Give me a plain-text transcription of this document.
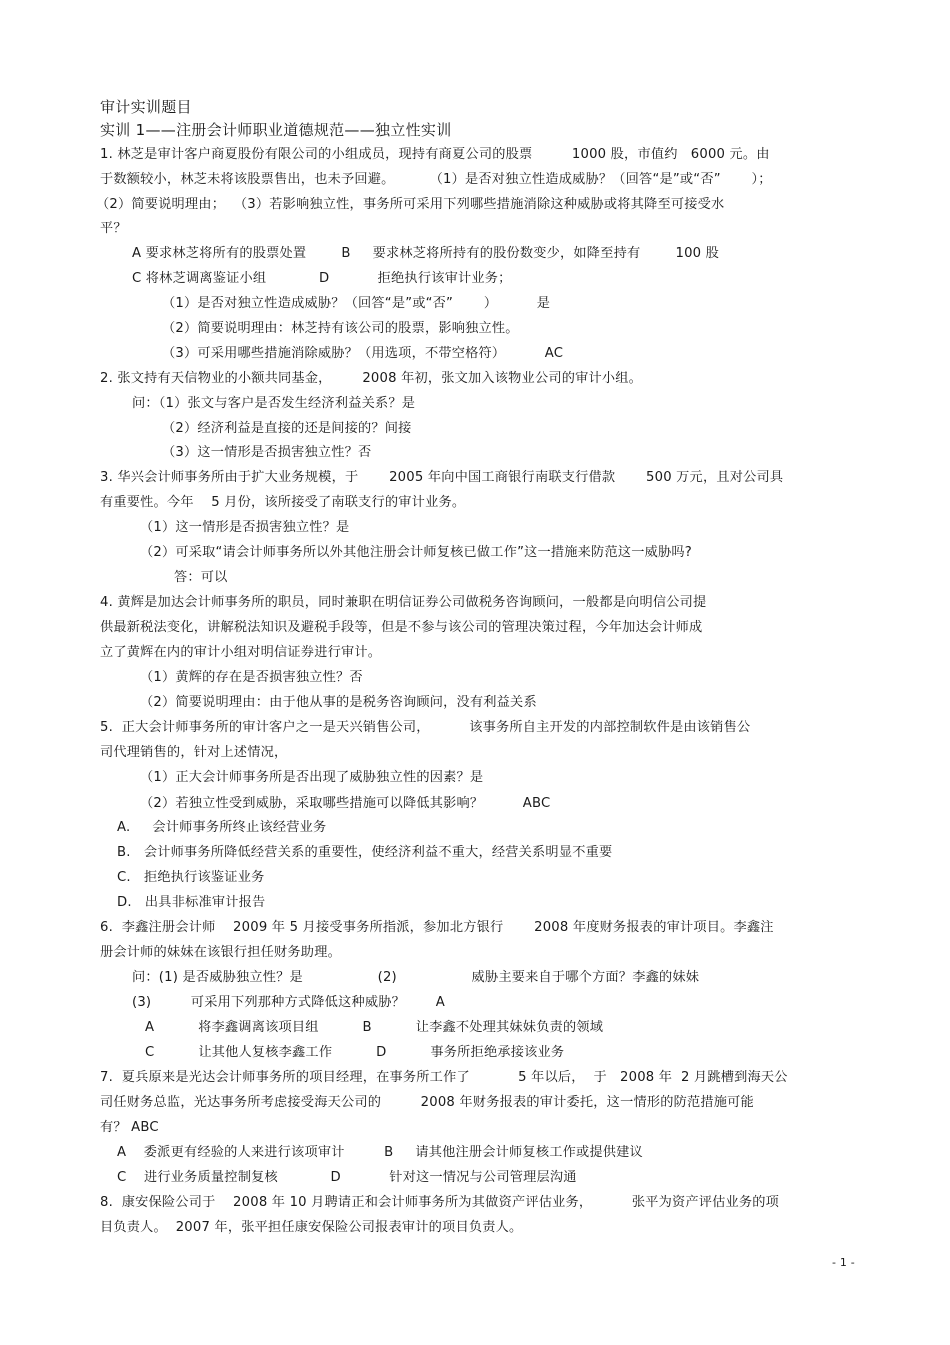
审计实训题目
实训 1——注册会计师职业道德规范——独立性实训
1. 林芝是审计客户商夏股份有限公司的小组成员，现持有商夏公司的股票         1000 股，市值约   6000 元。由
于数额较小，林芝未将该股票售出，也未予回避。        （1）是否对独立性造成威胁？（回答“是”或“否”       ）；
（2）简要说明理由；  （3）若影响独立性，事务所可采用下列哪些措施消除这种威胁或将其降至可接受水
平？
A 要求林芝将所有的股票处置        B     要求林芝将所持有的股份数变少，如降至持有        100 股
C 将林芝调离鉴证小组            D           拒绝执行该审计业务；
（1）是否对独立性造成威胁？（回答“是”或“否”       ）         是
（2）简要说明理由：林芝持有该公司的股票，影响独立性。
（3）可采用哪些措施消除威胁？（用选项，不带空格符）         AC
2. 张文持有天信物业的小额共同基金，       2008 年初，张文加入该物业公司的审计小组。
问：（1）张文与客户是否发生经济利益关系？是
（2）经济利益是直接的还是间接的？间接
（3）这一情形是否损害独立性？否
3. 华兴会计师事务所由于扩大业务规模，于       2005 年向中国工商银行南联支行借款       500 万元，且对公司具
有重要性。今年    5 月份，该所接受了南联支行的审计业务。
（1）这一情形是否损害独立性？是
（2）可采取“请会计师事务所以外其他注册会计师复核已做工作”这一措施来防范这一威胁吗?
答：可以
4. 黄辉是加达会计师事务所的职员，同时兼职在明信证券公司做税务咨询顾问，一般都是向明信公司提
供最新税法变化，讲解税法知识及避税手段等，但是不参与该公司的管理决策过程，今年加达会计师成
立了黄辉在内的审计小组对明信证券进行审计。
（1）黄辉的存在是否损害独立性？否
（2）简要说明理由：由于他从事的是税务咨询顾问，没有利益关系
5.  正大会计师事务所的审计客户之一是天兴销售公司，         该事务所自主开发的内部控制软件是由该销售公
司代理销售的，针对上述情况，
（1）正大会计师事务所是否出现了威胁独立性的因素？是
（2）若独立性受到威胁，采取哪些措施可以降低其影响？         ABC
A.     会计师事务所终止该经营业务
B.   会计师事务所降低经营关系的重要性，使经济利益不重大，经营关系明显不重要
C.   拒绝执行该鉴证业务
D.   出具非标准审计报告
6.  李鑫注册会计师    2009 年 5 月接受事务所指派，参加北方银行       2008 年度财务报表的审计项目。李鑫注
册会计师的妹妹在该银行担任财务助理。
问：(1) 是否威胁独立性？是                 (2)                 威胁主要来自于哪个方面？李鑫的妹妹
(3)         可采用下列那种方式降低这种威胁？       A
A          将李鑫调离该项目组          B          让李鑫不处理其妹妹负责的领域
C          让其他人复核李鑫工作          D          事务所拒绝承接该业务
7.  夏兵原来是光达会计师事务所的项目经理，在事务所工作了           5 年以后，  于   2008 年  2 月跳槽到海天公
司任财务总监，光达事务所考虑接受海天公司的         2008 年财务报表的审计委托，这一情形的防范措施可能
有？ ABC
A    委派更有经验的人来进行该项审计         B     请其他注册会计师复核工作或提供建议
C    进行业务质量控制复核            D           针对这一情况与公司管理层沟通
8.  康安保险公司于    2008 年 10 月聘请正和会计师事务所为其做资产评估业务，         张平为资产评估业务的项
目负责人。  2007 年，张平担任康安保险公司报表审计的项目负责人。
- 1 -
